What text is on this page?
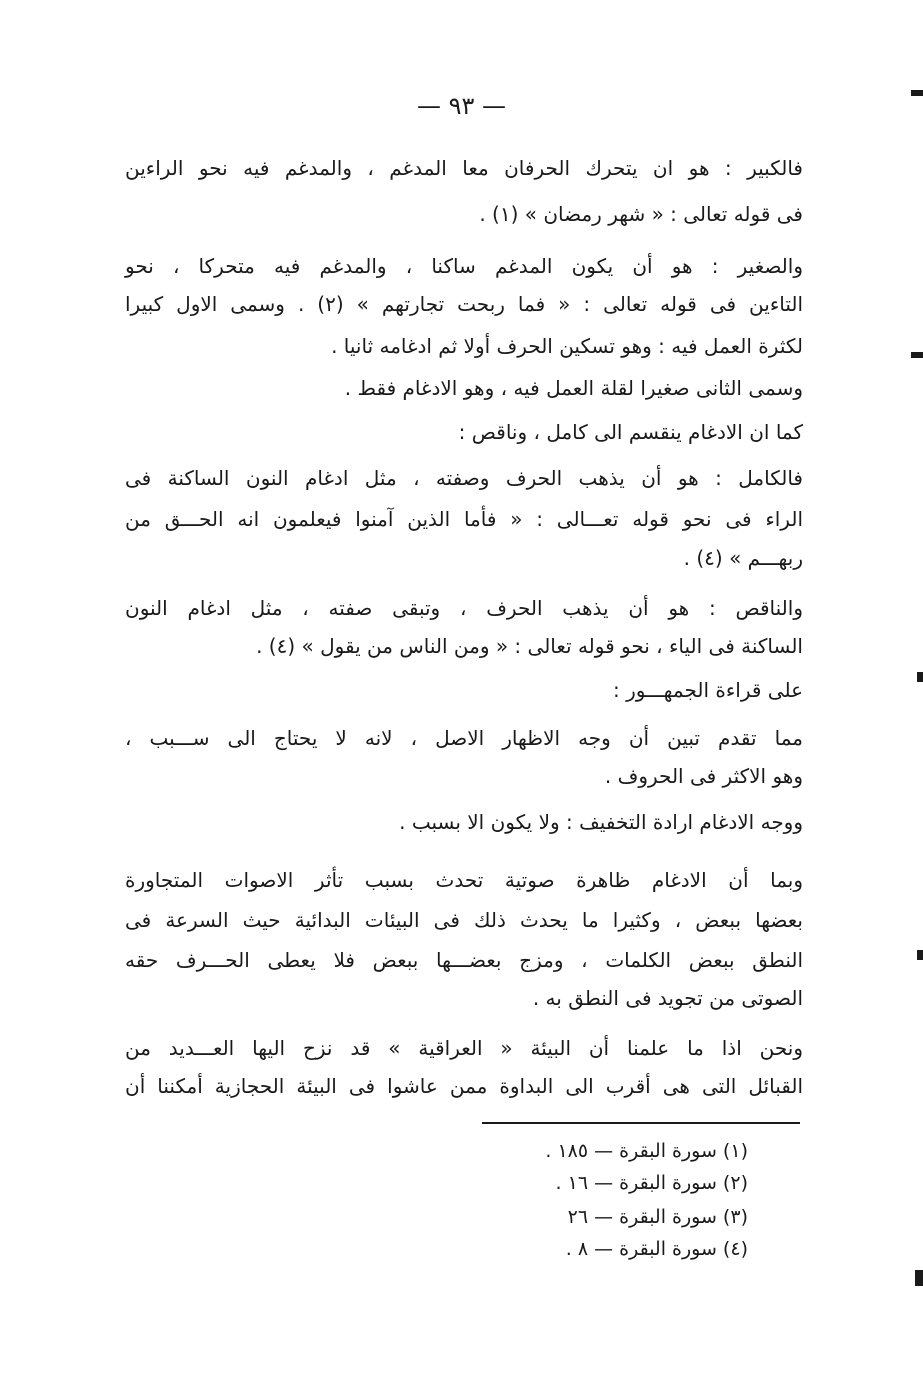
— ٩٣ —
فالكبير : هو ان يتحرك الحرفان معا المدغم ، والمدغم فيه نحو الراءين
فى قوله تعالى : « شهر رمضان » (١) .
والصغير : هو أن يكون المدغم ساكنا ، والمدغم فيه متحركا ، نحو
التاءين فى قوله تعالى : « فما ربحت تجارتهم » (٢) . وسمى الاول كبيرا
لكثرة العمل فيه : وهو تسكين الحرف أولا ثم ادغامه ثانيا .
وسمى الثانى صغيرا لقلة العمل فيه ، وهو الادغام فقط .
كما ان الادغام ينقسم الى كامل ، وناقص :
فالكامل : هو أن يذهب الحرف وصفته ، مثل ادغام النون الساكنة فى
الراء فى نحو قوله تعـــالى : « فأما الذين آمنوا فيعلمون انه الحـــق من
ربهـــم » (٤) .
والناقص : هو أن يذهب الحرف ، وتبقى صفته ، مثل ادغام النون
الساكنة فى الياء ، نحو قوله تعالى : « ومن الناس من يقول » (٤) .
على قراءة الجمهـــور :
مما تقدم تبين أن وجه الاظهار الاصل ، لانه لا يحتاج الى ســـبب ،
وهو الاكثر فى الحروف .
ووجه الادغام ارادة التخفيف : ولا يكون الا بسبب .
وبما أن الادغام ظاهرة صوتية تحدث بسبب تأثر الاصوات المتجاورة
بعضها ببعض ، وكثيرا ما يحدث ذلك فى البيئات البدائية حيث السرعة فى
النطق ببعض الكلمات ، ومزج بعضـــها ببعض فلا يعطى الحـــرف حقه
الصوتى من تجويد فى النطق به .
ونحن اذا ما علمنا أن البيئة « العراقية » قد نزح اليها العـــديد من
القبائل التى هى أقرب الى البداوة ممن عاشوا فى البيئة الحجازية أمكننا أن
(١) سورة البقرة — ١٨٥ .
(٢) سورة البقرة — ١٦ .
(٣) سورة البقرة — ٢٦
(٤) سورة البقرة — ٨ .
